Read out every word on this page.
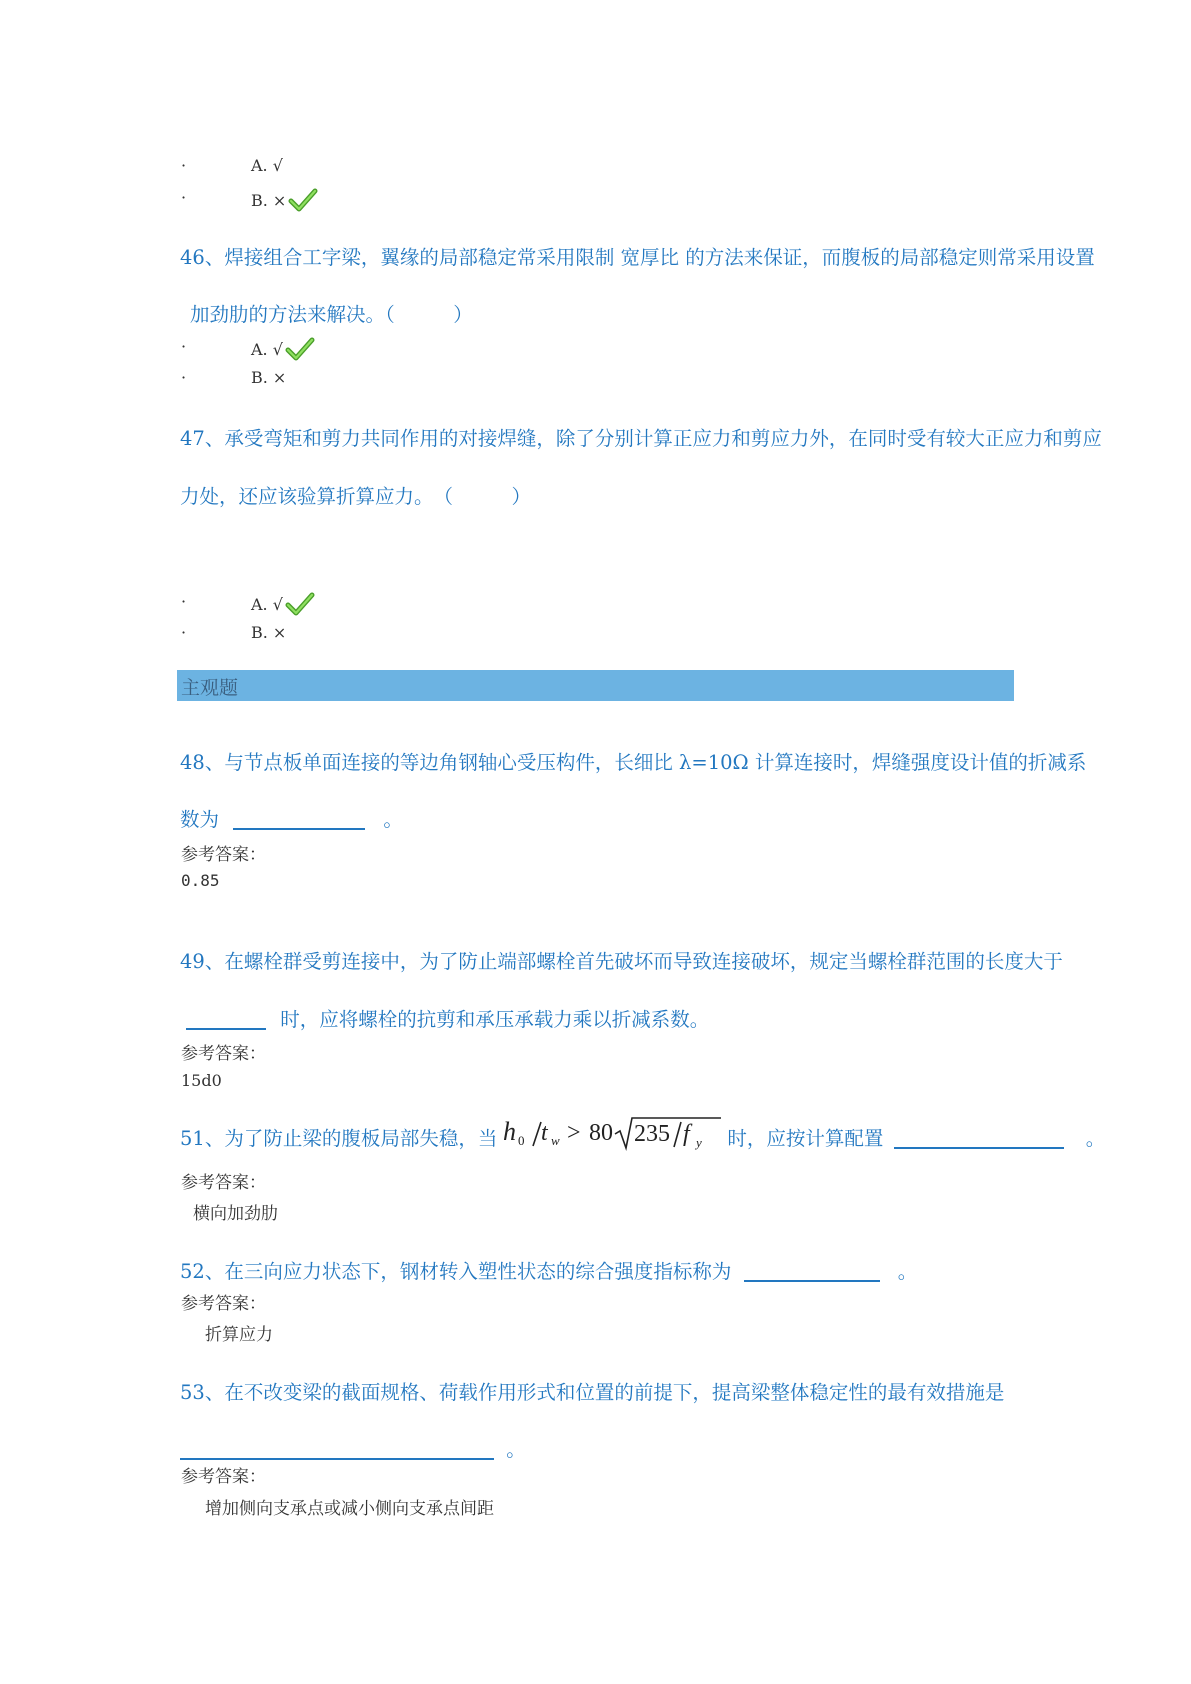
·	A. √
·	B. ×
46、焊接组合工字梁，翼缘的局部稳定常采用限制 宽厚比 的方法来保证，而腹板的局部稳定则常采用设置
加劲肋的方法来解决。（　　　）
·	A. √
·	B. ×
47、承受弯矩和剪力共同作用的对接焊缝，除了分别计算正应力和剪应力外，在同时受有较大正应力和剪应
力处，还应该验算折算应力。　（　　　）
·	A. √
·	B. ×
主观题
48、与节点板单面连接的等边角钢轴心受压构件，长细比 λ=10Ω 计算连接时，焊缝强度设计值的折减系
数为	。
参考答案：
0.85
49、在螺栓群受剪连接中，为了防止端部螺栓首先破坏而导致连接破坏，规定当螺栓群范围的长度大于
时，应将螺栓的抗剪和承压承载力乘以折减系数。
参考答案：
15d0
51、为了防止梁的腹板局部失稳，当 h 0 t w > 80 235 f y 时，应按计算配置	。
参考答案：
横向加劲肋
52、在三向应力状态下，钢材转入塑性状态的综合强度指标称为	。
参考答案：
折算应力
53、在不改变梁的截面规格、荷载作用形式和位置的前提下，提高梁整体稳定性的最有效措施是
。
参考答案：
增加侧向支承点或减小侧向支承点间距
